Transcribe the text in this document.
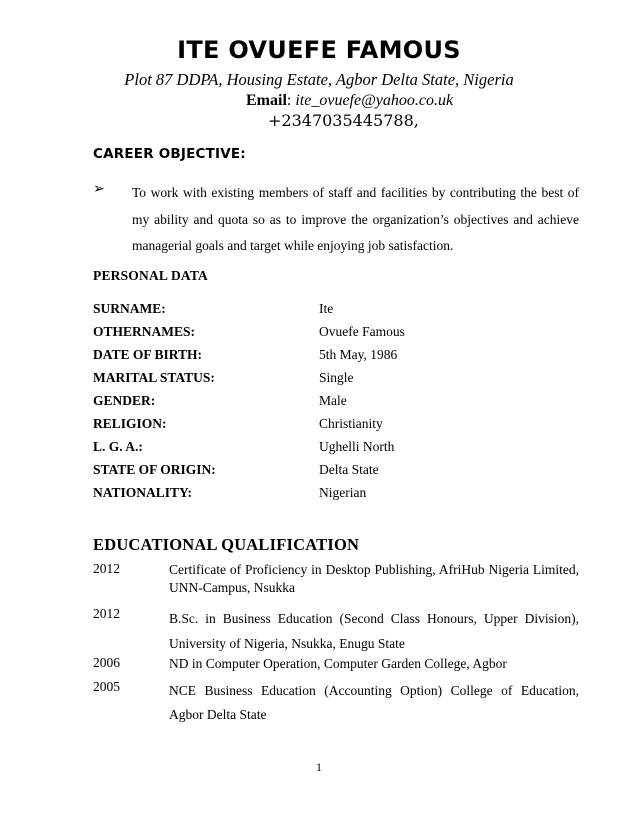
ITE OVUEFE FAMOUS
Plot 87 DDPA, Housing Estate, Agbor Delta State, Nigeria
Email: ite_ovuefe@yahoo.co.uk
+2347035445788,
CAREER OBJECTIVE:
➢ To work with existing members of staff and facilities by contributing the best of my ability and quota so as to improve the organization’s objectives and achieve managerial goals and target while enjoying job satisfaction.
PERSONAL DATA
SURNAME:	Ite
OTHERNAMES:	Ovuefe Famous
DATE OF BIRTH:	5th May, 1986
MARITAL STATUS:	Single
GENDER:	Male
RELIGION:	Christianity
L. G. A.:	Ughelli North
STATE OF ORIGIN:	Delta State
NATIONALITY:	Nigerian
EDUCATIONAL QUALIFICATION
2012	Certificate of Proficiency in Desktop Publishing, AfriHub Nigeria Limited, UNN-Campus, Nsukka
2012	B.Sc. in Business Education (Second Class Honours, Upper Division), University of Nigeria, Nsukka, Enugu State
2006	ND in Computer Operation, Computer Garden College, Agbor
2005	NCE Business Education (Accounting Option) College of Education, Agbor Delta State
1
